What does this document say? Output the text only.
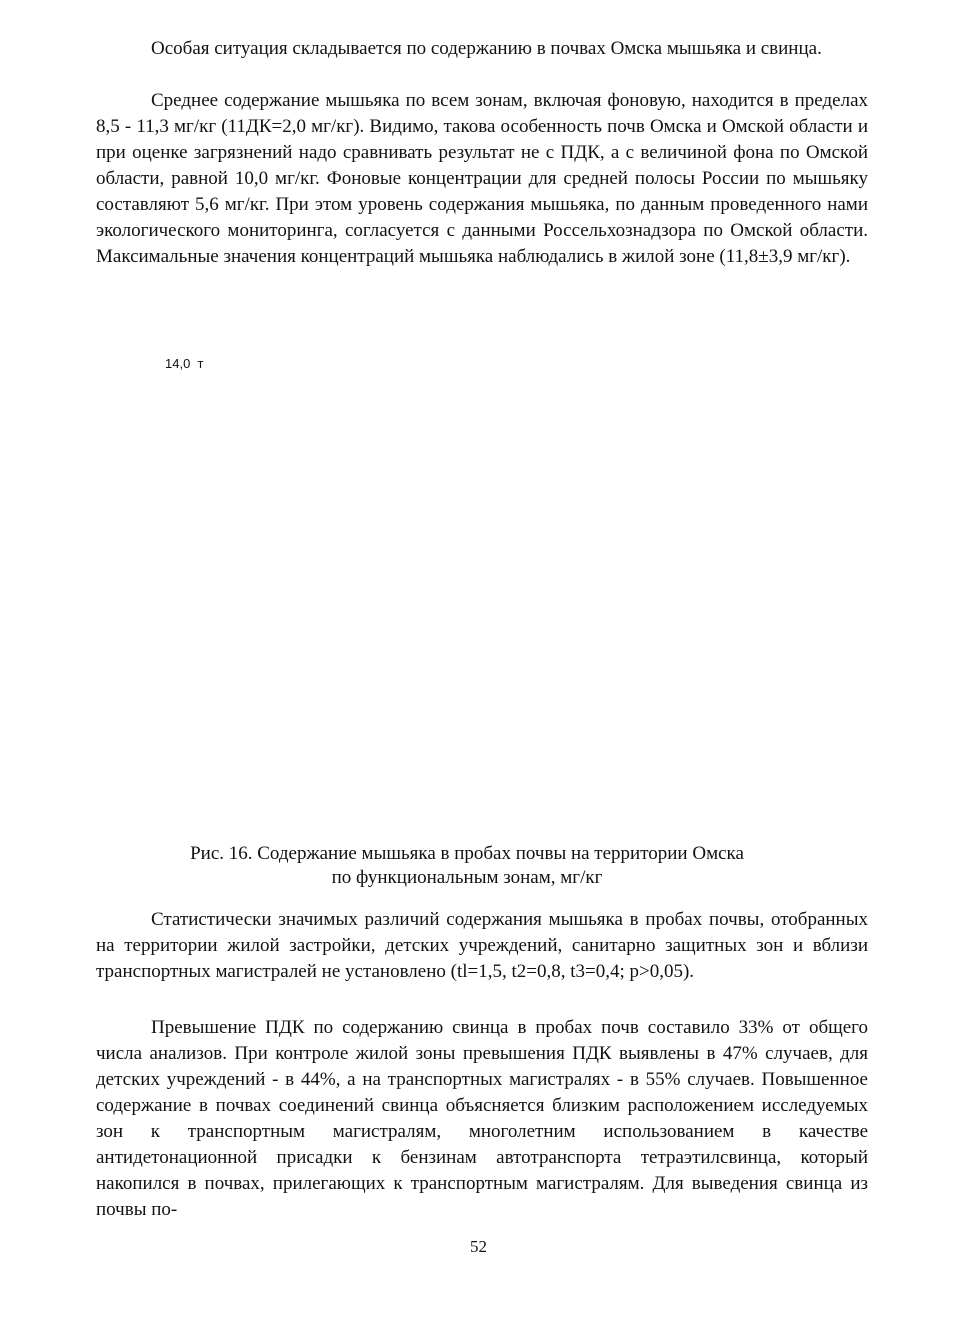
Особая ситуация складывается по содержанию в почвах Омска мышьяка и свинца.
Среднее содержание мышьяка по всем зонам, включая фоновую, находится в пределах 8,5 - 11,3 мг/кг (11ДК=2,0 мг/кг). Видимо, такова особенность почв Омска и Омской области и при оценке загрязнений надо сравнивать результат не с ПДК, а с величиной фона по Омской области, равной 10,0 мг/кг. Фоновые концентрации для средней полосы России по мышьяку составляют 5,6 мг/кг. При этом уровень содержания мышьяка, по данным проведенного нами экологического мониторинга, согласуется с данными Россельхознадзора по Омской области. Максимальные значения концентраций мышьяка наблюдались в жилой зоне (11,8±3,9 мг/кг).
14,0  т
Рис. 16. Содержание мышьяка в пробах почвы на территории Омска
по функциональным зонам, мг/кг
Статистически значимых различий содержания мышьяка в пробах почвы, отобранных на территории жилой застройки, детских учреждений, санитарно защитных зон и вблизи транспортных магистралей не установлено (tl=1,5, t2=0,8, t3=0,4; p>0,05).
Превышение ПДК по содержанию свинца в пробах почв составило 33% от общего числа анализов. При контроле жилой зоны превышения ПДК выявлены в 47% случаев, для детских учреждений - в 44%, а на транспортных магистралях - в 55% случаев. Повышенное содержание в почвах соединений свинца объясняется близким расположением исследуемых зон к транспортным магистралям, многолетним использованием в качестве антидетонационной присадки к бензинам автотранспорта тетраэтилсвинца, который накопился в почвах, прилегающих к транспортным магистралям. Для выведения свинца из почвы по-
52
